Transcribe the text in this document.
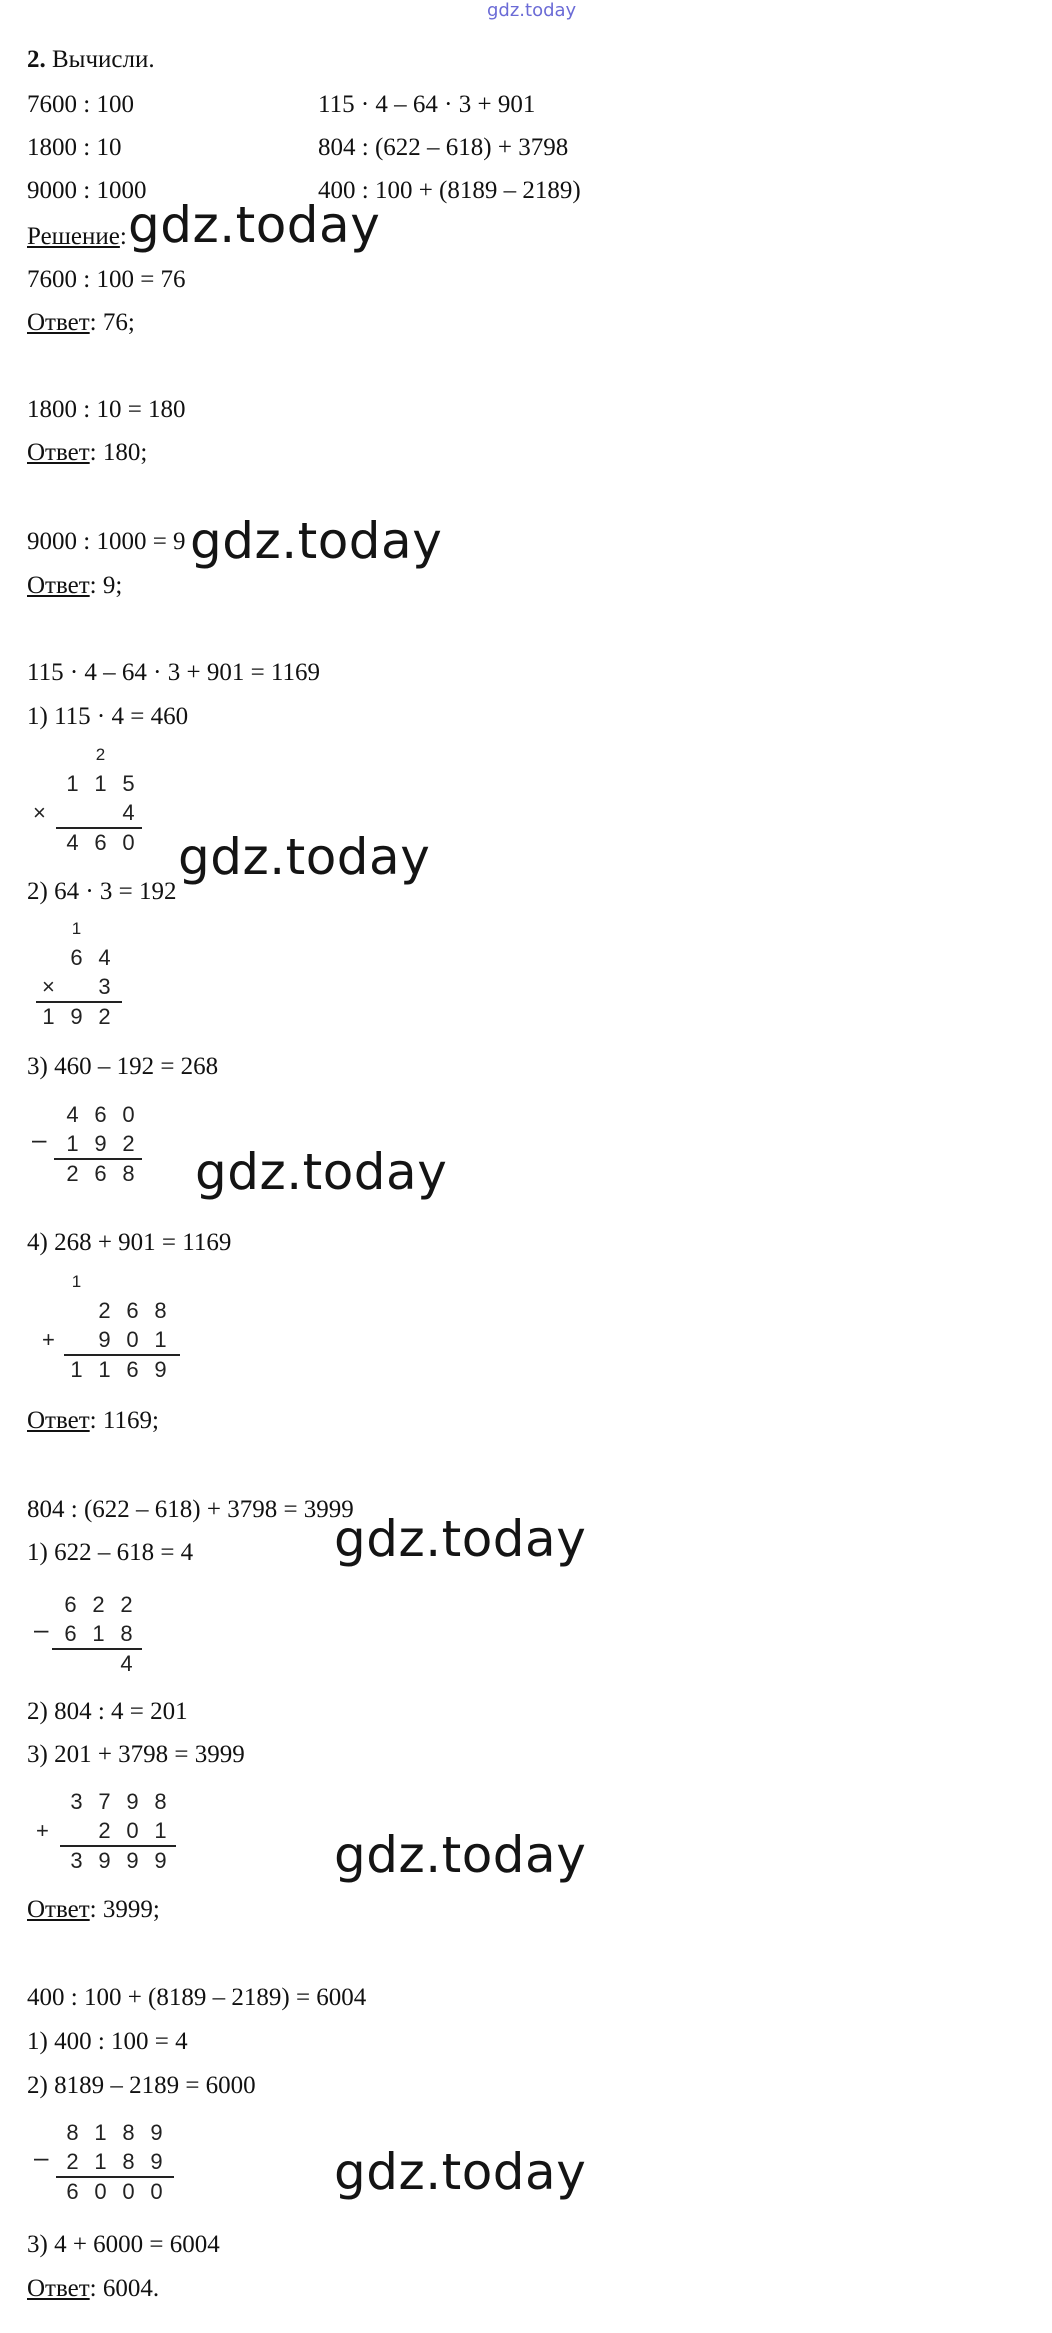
gdz.today
2. Вычисли.
7600 : 100
1800 : 10
9000 : 1000
115 · 4 – 64 · 3 + 901
804 : (622 – 618) + 3798
400 : 100 + (8189 – 2189)
Решение: gdz.today
7600 : 100 = 76
Ответ: 76;
1800 : 10 = 180
Ответ: 180;
9000 : 1000 = 9 gdz.today
Ответ: 9;
115 · 4 – 64 · 3 + 901 = 1169
1) 115 · 4 = 460
2
1 1 5
×	4
4 6 0
2) 64 · 3 = 192
gdz.today
1
6 4
×	3
1 9 2
3) 460 – 192 = 268
4 6 0
– 1 9 2
2 6 8 gdz.today
4) 268 + 901 = 1169
1
2 6 8
+	9 0 1
1 1 6 9
Ответ: 1169;
804 : (622 – 618) + 3798 = 3999
1) 622 – 618 = 4	gdz.today
6 2 2
– 6 1 8
4
2) 804 : 4 = 201
3) 201 + 3798 = 3999
3 7 9 8
+	2 0 1
3 9 9 9	gdz.today
Ответ: 3999;
400 : 100 + (8189 – 2189) = 6004
1) 400 : 100 = 4
2) 8189 – 2189 = 6000
8 1 8 9
– 2 1 8 9
6 0 0 0	gdz.today
3) 4 + 6000 = 6004
Ответ: 6004.
